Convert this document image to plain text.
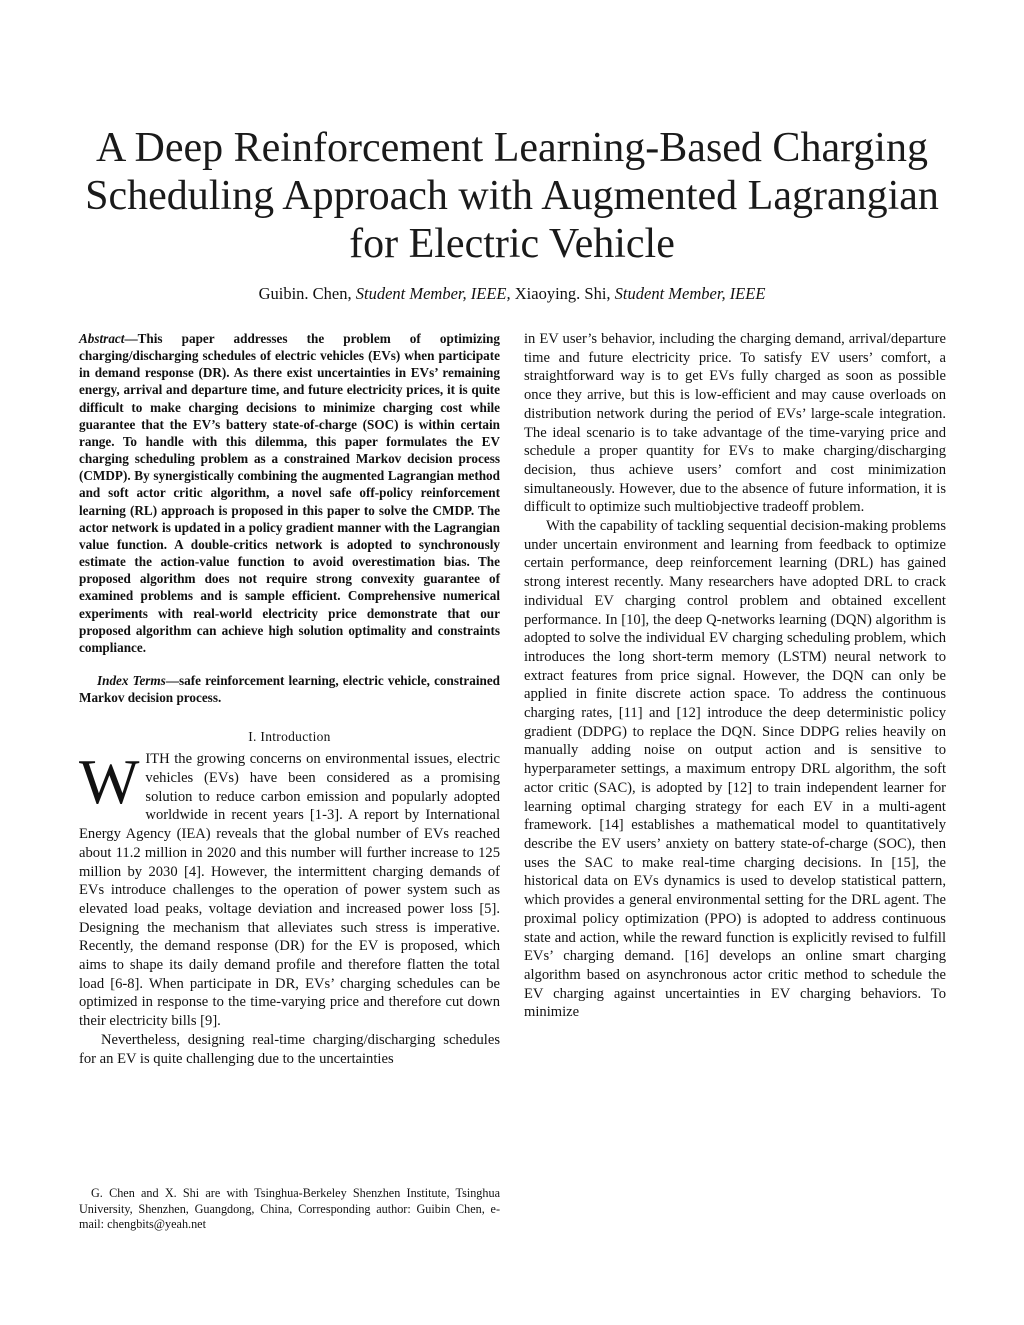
A Deep Reinforcement Learning-Based Charging
Scheduling Approach with Augmented Lagrangian
for Electric Vehicle

Guibin. Chen, Student Member, IEEE, Xiaoying. Shi, Student Member, IEEE

Abstract—This paper addresses the problem of optimizing charging/discharging schedules of electric vehicles (EVs) when participate in demand response (DR). As there exist uncertainties in EVs’ remaining energy, arrival and departure time, and future electricity prices, it is quite difficult to make charging decisions to minimize charging cost while guarantee that the EV’s battery state-of-charge (SOC) is within certain range. To handle with this dilemma, this paper formulates the EV charging scheduling problem as a constrained Markov decision process (CMDP). By synergistically combining the augmented Lagrangian method and soft actor critic algorithm, a novel safe off-policy reinforcement learning (RL) approach is proposed in this paper to solve the CMDP. The actor network is updated in a policy gradient manner with the Lagrangian value function. A double-critics network is adopted to synchronously estimate the action-value function to avoid overestimation bias. The proposed algorithm does not require strong convexity guarantee of examined problems and is sample efficient. Comprehensive numerical experiments with real-world electricity price demonstrate that our proposed algorithm can achieve high solution optimality and constraints compliance.

Index Terms—safe reinforcement learning, electric vehicle, constrained Markov decision process.

I. Introduction

WITH the growing concerns on environmental issues, electric vehicles (EVs) have been considered as a promising solution to reduce carbon emission and popularly adopted worldwide in recent years [1-3]. A report by International Energy Agency (IEA) reveals that the global number of EVs reached about 11.2 million in 2020 and this number will further increase to 125 million by 2030 [4]. However, the intermittent charging demands of EVs introduce challenges to the operation of power system such as elevated load peaks, voltage deviation and increased power loss [5]. Designing the mechanism that alleviates such stress is imperative. Recently, the demand response (DR) for the EV is proposed, which aims to shape its daily demand profile and therefore flatten the total load [6-8]. When participate in DR, EVs’ charging schedules can be optimized in response to the time-varying price and therefore cut down their electricity bills [9].

Nevertheless, designing real-time charging/discharging schedules for an EV is quite challenging due to the uncertainties

in EV user’s behavior, including the charging demand, arrival/departure time and future electricity price. To satisfy EV users’ comfort, a straightforward way is to get EVs fully charged as soon as possible once they arrive, but this is low-efficient and may cause overloads on distribution network during the period of EVs’ large-scale integration. The ideal scenario is to take advantage of the time-varying price and schedule a proper quantity for EVs to make charging/discharging decision, thus achieve users’ comfort and cost minimization simultaneously. However, due to the absence of future information, it is difficult to optimize such multiobjective tradeoff problem.

With the capability of tackling sequential decision-making problems under uncertain environment and learning from feedback to optimize certain performance, deep reinforcement learning (DRL) has gained strong interest recently. Many researchers have adopted DRL to crack individual EV charging control problem and obtained excellent performance. In [10], the deep Q-networks learning (DQN) algorithm is adopted to solve the individual EV charging scheduling problem, which introduces the long short-term memory (LSTM) neural network to extract features from price signal. However, the DQN can only be applied in finite discrete action space. To address the continuous charging rates, [11] and [12] introduce the deep deterministic policy gradient (DDPG) to replace the DQN. Since DDPG relies heavily on manually adding noise on output action and is sensitive to hyperparameter settings, a maximum entropy DRL algorithm, the soft actor critic (SAC), is adopted by [12] to train independent learner for learning optimal charging strategy for each EV in a multi-agent framework. [14] establishes a mathematical model to quantitatively describe the EV users’ anxiety on battery state-of-charge (SOC), then uses the SAC to make real-time charging decisions. In [15], the historical data on EVs dynamics is used to develop statistical pattern, which provides a general environmental setting for the DRL agent. The proximal policy optimization (PPO) is adopted to address continuous state and action, while the reward function is explicitly revised to fulfill EVs’ charging demand. [16] develops an online smart charging algorithm based on asynchronous actor critic method to schedule the EV charging against uncertainties in EV charging behaviors. To minimize

G. Chen and X. Shi are with Tsinghua-Berkeley Shenzhen Institute, Tsinghua University, Shenzhen, Guangdong, China, Corresponding author: Guibin Chen, e-mail: chengbits@yeah.net
